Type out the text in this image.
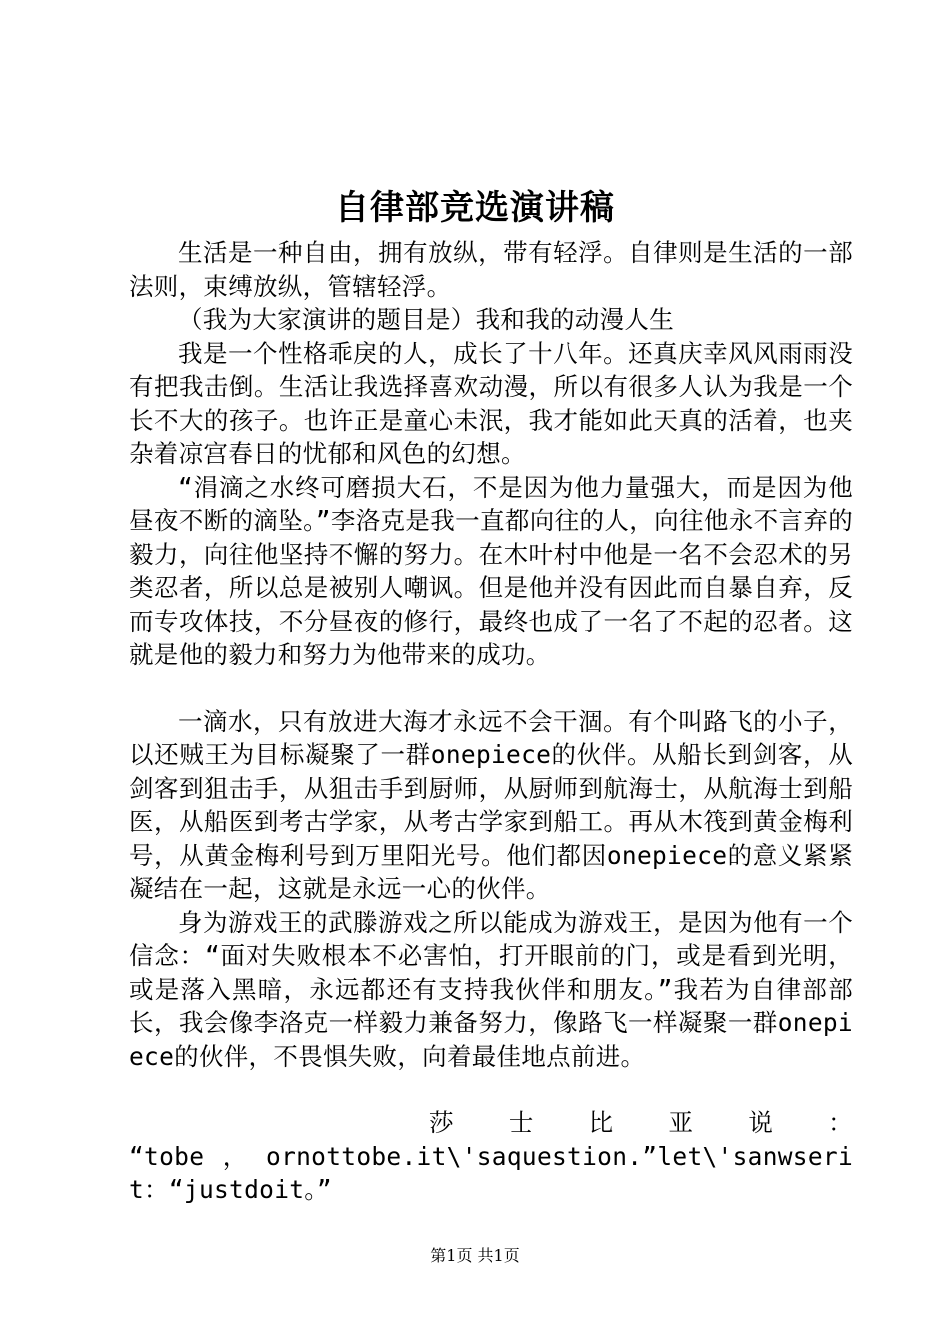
自律部竞选演讲稿

生活是一种自由，拥有放纵，带有轻浮。自律则是生活的一部法则，束缚放纵，管辖轻浮。

（我为大家演讲的题目是）我和我的动漫人生

我是一个性格乖戾的人，成长了十八年。还真庆幸风风雨雨没有把我击倒。生活让我选择喜欢动漫，所以有很多人认为我是一个长不大的孩子。也许正是童心未泯，我才能如此天真的活着，也夹杂着凉宫春日的忧郁和风色的幻想。

“涓滴之水终可磨损大石，不是因为他力量强大，而是因为他昼夜不断的滴坠。”李洛克是我一直都向往的人，向往他永不言弃的毅力，向往他坚持不懈的努力。在木叶村中他是一名不会忍术的另类忍者，所以总是被别人嘲讽。但是他并没有因此而自暴自弃，反而专攻体技，不分昼夜的修行，最终也成了一名了不起的忍者。这就是他的毅力和努力为他带来的成功。

一滴水，只有放进大海才永远不会干涸。有个叫路飞的小子，以还贼王为目标凝聚了一群onepiece的伙伴。从船长到剑客，从剑客到狙击手，从狙击手到厨师，从厨师到航海士，从航海士到船医，从船医到考古学家，从考古学家到船工。再从木筏到黄金梅利号，从黄金梅利号到万里阳光号。他们都因onepiece的意义紧紧凝结在一起，这就是永远一心的伙伴。

身为游戏王的武滕游戏之所以能成为游戏王，是因为他有一个信念：“面对失败根本不必害怕，打开眼前的门，或是看到光明，或是落入黑暗，永远都还有支持我伙伴和朋友。”我若为自律部部长，我会像李洛克一样毅力兼备努力，像路飞一样凝聚一群onepiece的伙伴，不畏惧失败，向着最佳地点前进。

莎士比亚说：

“tobe，ornottobe.it\'saquestion.”let\'sanwserit：“justdoit。”

第1页 共1页
